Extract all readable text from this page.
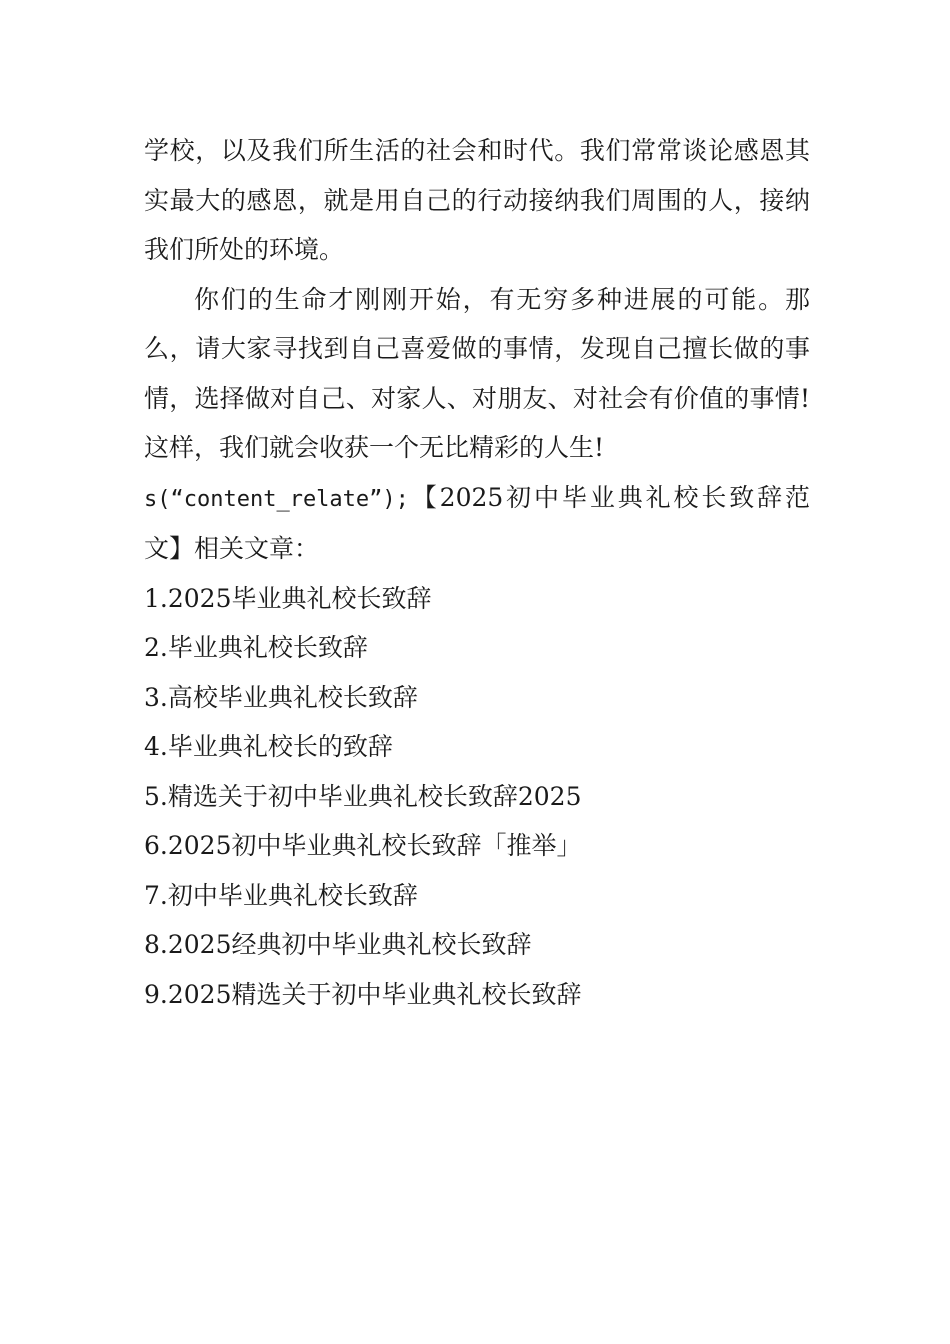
学校，以及我们所生活的社会和时代。我们常常谈论感恩其实最大的感恩，就是用自己的行动接纳我们周围的人，接纳我们所处的环境。

你们的生命才刚刚开始，有无穷多种进展的可能。那么，请大家寻找到自己喜爱做的事情，发现自己擅长做的事情，选择做对自己、对家人、对朋友、对社会有价值的事情!这样，我们就会收获一个无比精彩的人生!

s(“content_relate”);【2025初中毕业典礼校长致辞范文】相关文章：

1.2025毕业典礼校长致辞
2.毕业典礼校长致辞
3.高校毕业典礼校长致辞
4.毕业典礼校长的致辞
5.精选关于初中毕业典礼校长致辞2025
6.2025初中毕业典礼校长致辞「推举」
7.初中毕业典礼校长致辞
8.2025经典初中毕业典礼校长致辞
9.2025精选关于初中毕业典礼校长致辞
